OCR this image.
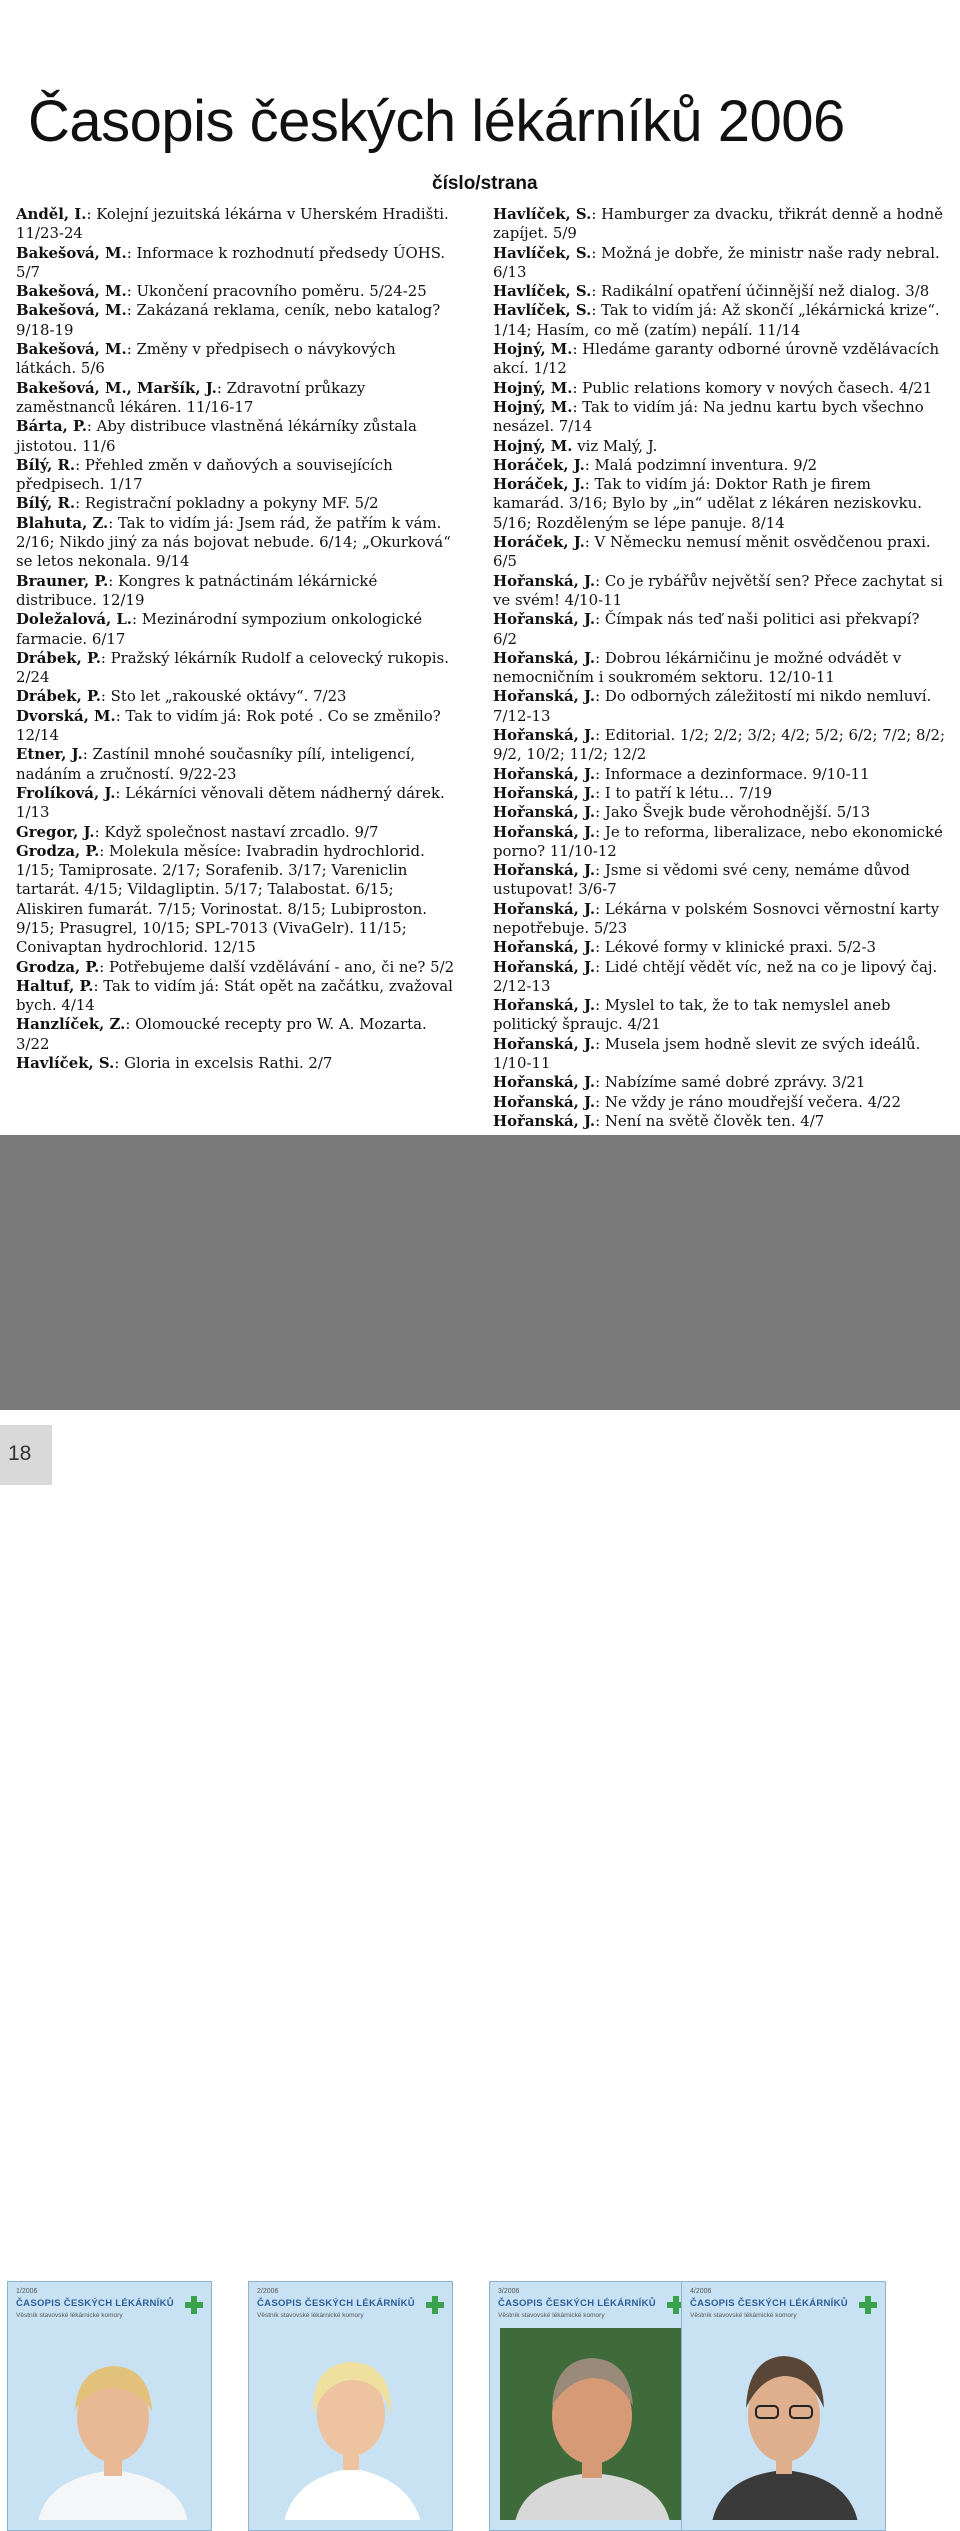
Časopis českých lékárníků 2006
číslo/strana

Anděl, I.: Kolejní jezuitská lékárna v Uherském Hradišti. 11/23-24

Bakešová, M.: Informace k rozhodnutí předsedy ÚOHS. 5/7

Bakešová, M.: Ukončení pracovního poměru. 5/24-25

Bakešová, M.: Zakázaná reklama, ceník, nebo katalog? 9/18-19

Bakešová, M.: Změny v předpisech o návykových látkách. 5/6

Bakešová, M., Maršík, J.: Zdravotní průkazy zaměstnanců lékáren. 11/16-17

Bárta, P.: Aby distribuce vlastněná lékárníky zůstala jistotou. 11/6

Bílý, R.: Přehled změn v daňových a souvisejících předpisech. 1/17

Bílý, R.: Registrační pokladny a pokyny MF. 5/2

Blahuta, Z.: Tak to vidím já: Jsem rád, že patřím k vám. 2/16; Nikdo jiný za nás bojovat nebude. 6/14; „Okurková“ se letos nekonala. 9/14

Brauner, P.: Kongres k patnáctinám lékárnické distribuce. 12/19

Doležalová, L.: Mezinárodní sympozium onkologické farmacie. 6/17

Drábek, P.: Pražský lékárník Rudolf a celovecký rukopis. 2/24

Drábek, P.: Sto let „rakouské oktávy“. 7/23

Dvorská, M.: Tak to vidím já: Rok poté . Co se změnilo? 12/14

Etner, J.: Zastínil mnohé současníky pílí, inteligencí, nadáním a zručností. 9/22-23

Frolíková, J.: Lékárníci věnovali dětem nádherný dárek. 1/13

Gregor, J.: Když společnost nastaví zrcadlo. 9/7

Grodza, P.: Molekula měsíce: Ivabradin hydrochlorid. 1/15; Tamiprosate. 2/17; Sorafenib. 3/17; Vareniclin tartarát. 4/15; Vildagliptin. 5/17; Talabostat. 6/15; Aliskiren fumarát. 7/15; Vorinostat. 8/15; Lubiproston. 9/15; Prasugrel, 10/15; SPL-7013 (VivaGelr). 11/15; Conivaptan hydrochlorid. 12/15

Grodza, P.: Potřebujeme další vzdělávání - ano, či ne? 5/2

Haltuf, P.: Tak to vidím já: Stát opět na začátku, zvažoval bych. 4/14

Hanzlíček, Z.: Olomoucké recepty pro W. A. Mozarta. 3/22

Havlíček, S.: Gloria in excelsis Rathi. 2/7

Havlíček, S.: Hamburger za dvacku, třikrát denně a hodně zapíjet. 5/9

Havlíček, S.: Možná je dobře, že ministr naše rady nebral. 6/13

Havlíček, S.: Radikální opatření účinnější než dialog. 3/8

Havlíček, S.: Tak to vidím já: Až skončí „lékárnická krize“. 1/14; Hasím, co mě (zatím) nepálí. 11/14

Hojný, M.: Hledáme garanty odborné úrovně vzdělávacích akcí. 1/12

Hojný, M.: Public relations komory v nových časech. 4/21

Hojný, M.: Tak to vidím já: Na jednu kartu bych všechno nesázel. 7/14

Hojný, M. viz Malý, J.

Horáček, J.: Malá podzimní inventura. 9/2

Horáček, J.: Tak to vidím já: Doktor Rath je firem kamarád. 3/16; Bylo by „in“ udělat z lékáren neziskovku. 5/16; Rozděleným se lépe panuje. 8/14

Horáček, J.: V Německu nemusí měnit osvědčenou praxi. 6/5

Hořanská, J.: Co je rybářův největší sen? Přece zachytat si ve svém! 4/10-11

Hořanská, J.: Čímpak nás teď naši politici asi překvapí? 6/2

Hořanská, J.: Dobrou lékárničinu je možné odvádět v nemocničním i soukromém sektoru. 12/10-11

Hořanská, J.: Do odborných záležitostí mi nikdo nemluví. 7/12-13

Hořanská, J.: Editorial. 1/2; 2/2; 3/2; 4/2; 5/2; 6/2; 7/2; 8/2; 9/2, 10/2; 11/2; 12/2

Hořanská, J.: Informace a dezinformace. 9/10-11

Hořanská, J.: I to patří k létu… 7/19

Hořanská, J.: Jako Švejk bude věrohodnější. 5/13

Hořanská, J.: Je to reforma, liberalizace, nebo ekonomické porno? 11/10-12

Hořanská, J.: Jsme si vědomi své ceny, nemáme důvod ustupovat! 3/6-7

Hořanská, J.: Lékárna v polském Sosnovci věrnostní karty nepotřebuje. 5/23

Hořanská, J.: Lékové formy v klinické praxi. 5/2-3

Hořanská, J.: Lidé chtějí vědět víc, než na co je lipový čaj. 2/12-13

Hořanská, J.: Myslel to tak, že to tak nemyslel aneb politický špraujc. 4/21

Hořanská, J.: Musela jsem hodně slevit ze svých ideálů. 1/10-11

Hořanská, J.: Nabízíme samé dobré zprávy. 3/21

Hořanská, J.: Ne vždy je ráno moudřejší večera. 4/22

Hořanská, J.: Není na světě člověk ten. 4/7

1/2006
ČASOPIS ČESKÝCH LÉKÁRNÍKŮ
Věstník stavovské lékárnické komory
2/2006
ČASOPIS ČESKÝCH LÉKÁRNÍKŮ
Věstník stavovské lékárnické komory
3/2006
ČASOPIS ČESKÝCH LÉKÁRNÍKŮ
Věstník stavovské lékárnické komory
4/2006
ČASOPIS ČESKÝCH LÉKÁRNÍKŮ
Věstník stavovské lékárnické komory
18
